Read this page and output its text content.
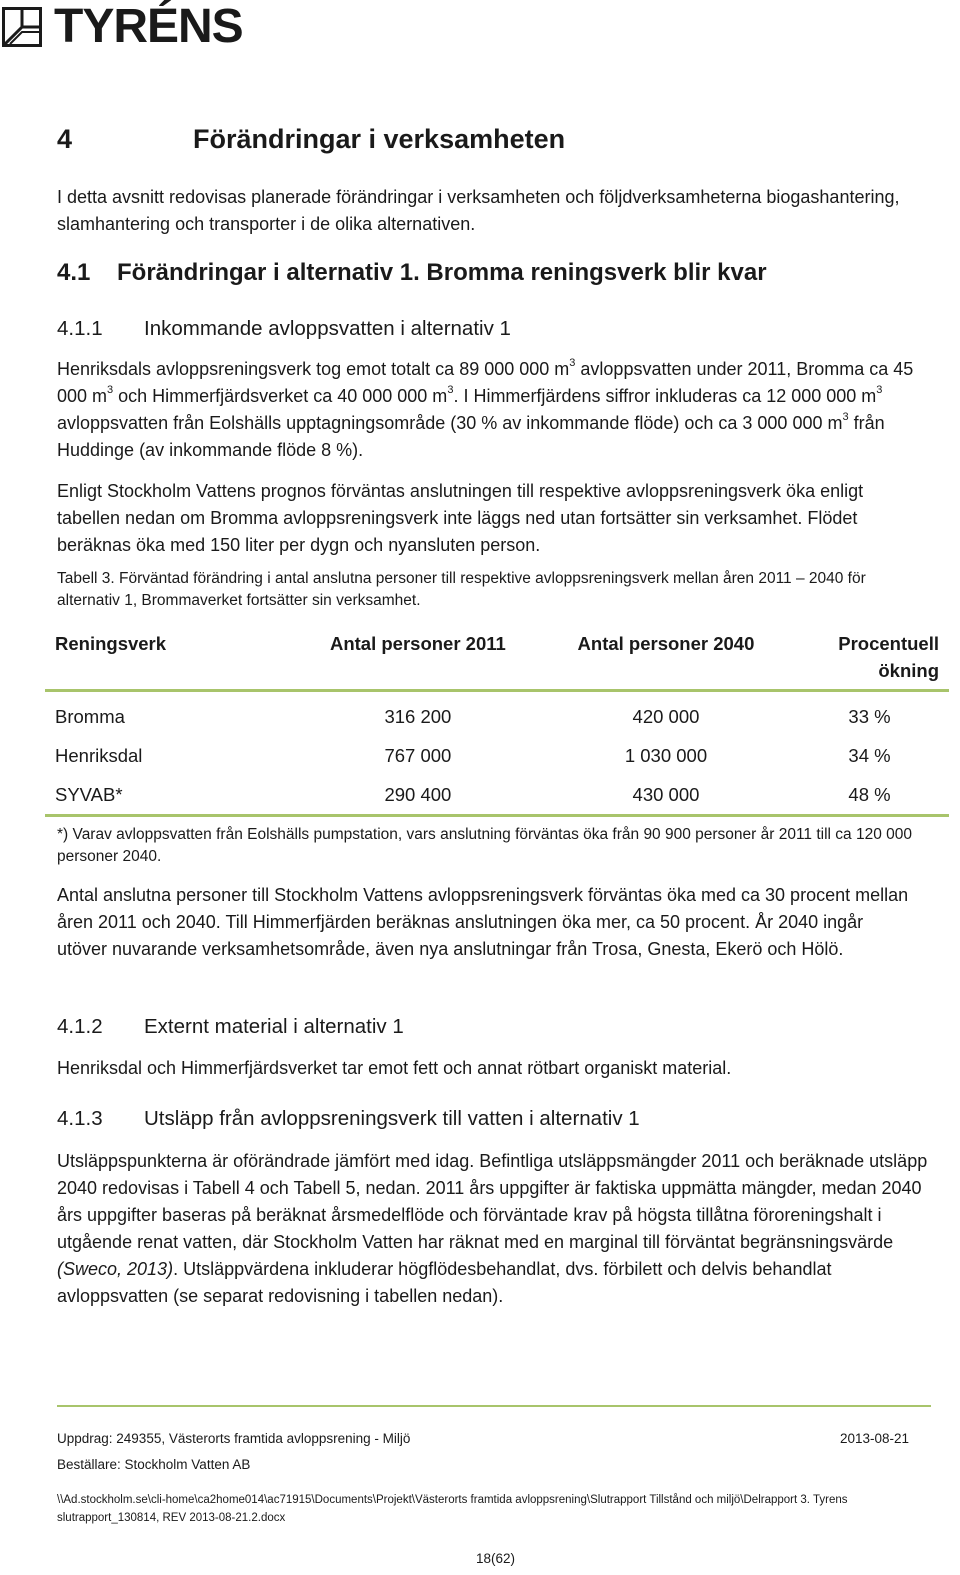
TYRÉNS
4	Förändringar i verksamheten
I detta avsnitt redovisas planerade förändringar i verksamheten och följdverksamheterna biogashantering, slamhantering och transporter i de olika alternativen.
4.1 Förändringar i alternativ 1. Bromma reningsverk blir kvar
4.1.1 Inkommande avloppsvatten i alternativ 1
Henriksdals avloppsreningsverk tog emot totalt ca 89 000 000 $m^3$ avloppsvatten under 2011, Bromma ca 45 000 $m^3$ och Himmerfjärdsverket ca 40 000 000 $m^3$. I Himmerfjärdens siffror inkluderas ca 12 000 000 $m^3$ avloppsvatten från Eolshälls upptagningsområde (30 % av inkommande flöde) och ca 3 000 000 $m^3$ från Huddinge (av inkommande flöde 8 %).
Enligt Stockholm Vattens prognos förväntas anslutningen till respektive avloppsreningsverk öka enligt tabellen nedan om Bromma avloppsreningsverk inte läggs ned utan fortsätter sin verksamhet. Flödet beräknas öka med 150 liter per dygn och nyansluten person.
Tabell 3. Förväntad förändring i antal anslutna personer till respektive avloppsreningsverk mellan åren 2011 – 2040 för alternativ 1, Brommaverket fortsätter sin verksamhet.
Reningsverk	Antal personer 2011	Antal personer 2040	Procentuell ökning
Bromma	316 200	420 000	33 %
Henriksdal	767 000	1 030 000	34 %
SYVAB*	290 400	430 000	48 %
*) Varav avloppsvatten från Eolshälls pumpstation, vars anslutning förväntas öka från 90 900 personer år 2011 till ca 120 000 personer 2040.
Antal anslutna personer till Stockholm Vattens avloppsreningsverk förväntas öka med ca 30 procent mellan åren 2011 och 2040. Till Himmerfjärden beräknas anslutningen öka mer, ca 50 procent. År 2040 ingår utöver nuvarande verksamhetsområde, även nya anslutningar från Trosa, Gnesta, Ekerö och Hölö.
4.1.2 Externt material i alternativ 1
Henriksdal och Himmerfjärdsverket tar emot fett och annat rötbart organiskt material.
4.1.3 Utsläpp från avloppsreningsverk till vatten i alternativ 1
Utsläppspunkterna är oförändrade jämfört med idag. Befintliga utsläppsmängder 2011 och beräknade utsläpp 2040 redovisas i Tabell 4 och Tabell 5, nedan. 2011 års uppgifter är faktiska uppmätta mängder, medan 2040 års uppgifter baseras på beräknat årsmedelflöde och förväntade krav på högsta tillåtna föroreningshalt i utgående renat vatten, där Stockholm Vatten har räknat med en marginal till förväntat begränsningsvärde (Sweco, 2013). Utsläppvärdena inkluderar högflödesbehandlat, dvs. förbilett och delvis behandlat avloppsvatten (se separat redovisning i tabellen nedan).
Uppdrag: 249355, Västerorts framtida avloppsrening - Miljö	2013-08-21
Beställare: Stockholm Vatten AB
\\Ad.stockholm.se\cli-home\ca2home014\ac71915\Documents\Projekt\Västerorts framtida avloppsrening\Slutrapport Tillstånd och miljö\Delrapport 3. Tyrens slutrapport_130814, REV 2013-08-21.2.docx
18(62)
